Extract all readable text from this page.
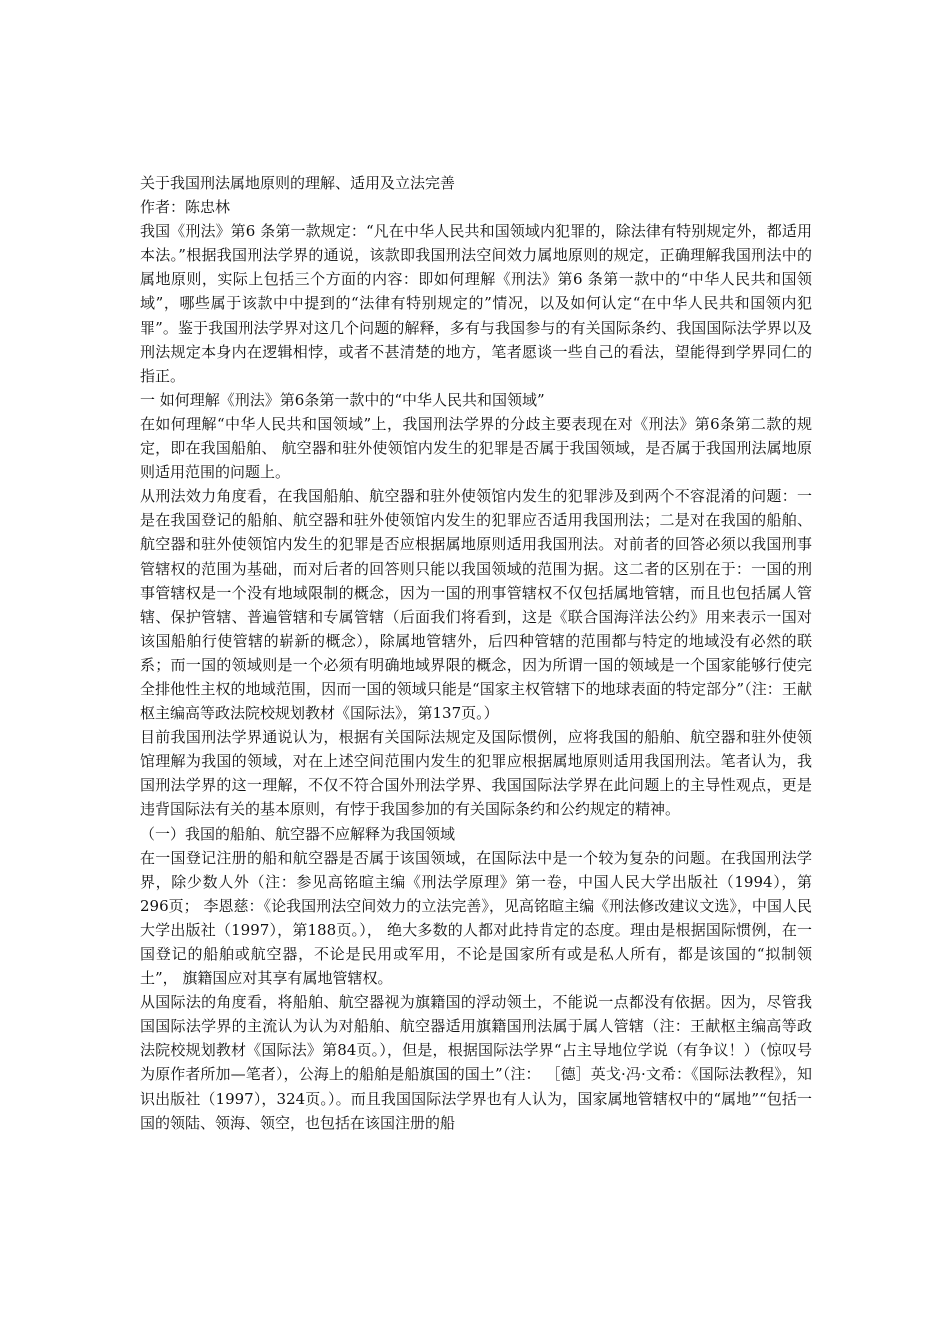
关于我国刑法属地原则的理解、适用及立法完善

作者：陈忠林

我国《刑法》第6 条第一款规定：“凡在中华人民共和国领域内犯罪的，除法律有特别规定外，都适用本法。”根据我国刑法学界的通说，该款即我国刑法空间效力属地原则的规定，正确理解我国刑法中的属地原则，实际上包括三个方面的内容：即如何理解《刑法》第6 条第一款中的“中华人民共和国领域”，哪些属于该款中中提到的“法律有特别规定的”情况，以及如何认定“在中华人民共和国领内犯罪”。鉴于我国刑法学界对这几个问题的解释，多有与我国参与的有关国际条约、我国国际法学界以及刑法规定本身内在逻辑相悖，或者不甚清楚的地方，笔者愿谈一些自己的看法，望能得到学界同仁的指正。

一 如何理解《刑法》第6条第一款中的“中华人民共和国领域”

在如何理解“中华人民共和国领域”上，我国刑法学界的分歧主要表现在对《刑法》第6条第二款的规定，即在我国船舶、 航空器和驻外使领馆内发生的犯罪是否属于我国领域，是否属于我国刑法属地原则适用范围的问题上。

从刑法效力角度看，在我国船舶、航空器和驻外使领馆内发生的犯罪涉及到两个不容混淆的问题：一是在我国登记的船舶、航空器和驻外使领馆内发生的犯罪应否适用我国刑法；二是对在我国的船舶、航空器和驻外使领馆内发生的犯罪是否应根据属地原则适用我国刑法。对前者的回答必须以我国刑事管辖权的范围为基础，而对后者的回答则只能以我国领域的范围为据。这二者的区别在于：一国的刑事管辖权是一个没有地域限制的概念，因为一国的刑事管辖权不仅包括属地管辖，而且也包括属人管辖、保护管辖、普遍管辖和专属管辖（后面我们将看到，这是《联合国海洋法公约》用来表示一国对该国船舶行使管辖的崭新的概念），除属地管辖外，后四种管辖的范围都与特定的地域没有必然的联系；而一国的领域则是一个必须有明确地域界限的概念，因为所谓一国的领域是一个国家能够行使完全排他性主权的地域范围，因而一国的领域只能是“国家主权管辖下的地球表面的特定部分”（注：王献枢主编高等政法院校规划教材《国际法》，第137页。）

目前我国刑法学界通说认为，根据有关国际法规定及国际惯例，应将我国的船舶、航空器和驻外使领馆理解为我国的领域，对在上述空间范围内发生的犯罪应根据属地原则适用我国刑法。笔者认为，我国刑法学界的这一理解，不仅不符合国外刑法学界、我国国际法学界在此问题上的主导性观点，更是违背国际法有关的基本原则，有悖于我国参加的有关国际条约和公约规定的精神。

（一）我国的船舶、航空器不应解释为我国领域

在一国登记注册的船和航空器是否属于该国领域，在国际法中是一个较为复杂的问题。在我国刑法学界，除少数人外（注：参见高铭暄主编《刑法学原理》第一卷，中国人民大学出版社（1994），第296页； 李恩慈：《论我国刑法空间效力的立法完善》，见高铭暄主编《刑法修改建议文选》，中国人民大学出版社（1997），第188页。）， 绝大多数的人都对此持肯定的态度。理由是根据国际惯例，在一国登记的船舶或航空器，不论是民用或军用，不论是国家所有或是私人所有，都是该国的“拟制领土”， 旗籍国应对其享有属地管辖权。

从国际法的角度看，将船舶、航空器视为旗籍国的浮动领土，不能说一点都没有依据。因为，尽管我国国际法学界的主流认为认为对船舶、航空器适用旗籍国刑法属于属人管辖（注：王献枢主编高等政法院校规划教材《国际法》第84页。），但是，根据国际法学界“占主导地位学说（有争议！）（惊叹号为原作者所加—笔者），公海上的船舶是船旗国的国土”（注： ［德］英戈·冯·文希：《国际法教程》，知识出版社（1997），324页。）。而且我国国际法学界也有人认为，国家属地管辖权中的“属地”“包括一国的领陆、领海、领空，也包括在该国注册的船
